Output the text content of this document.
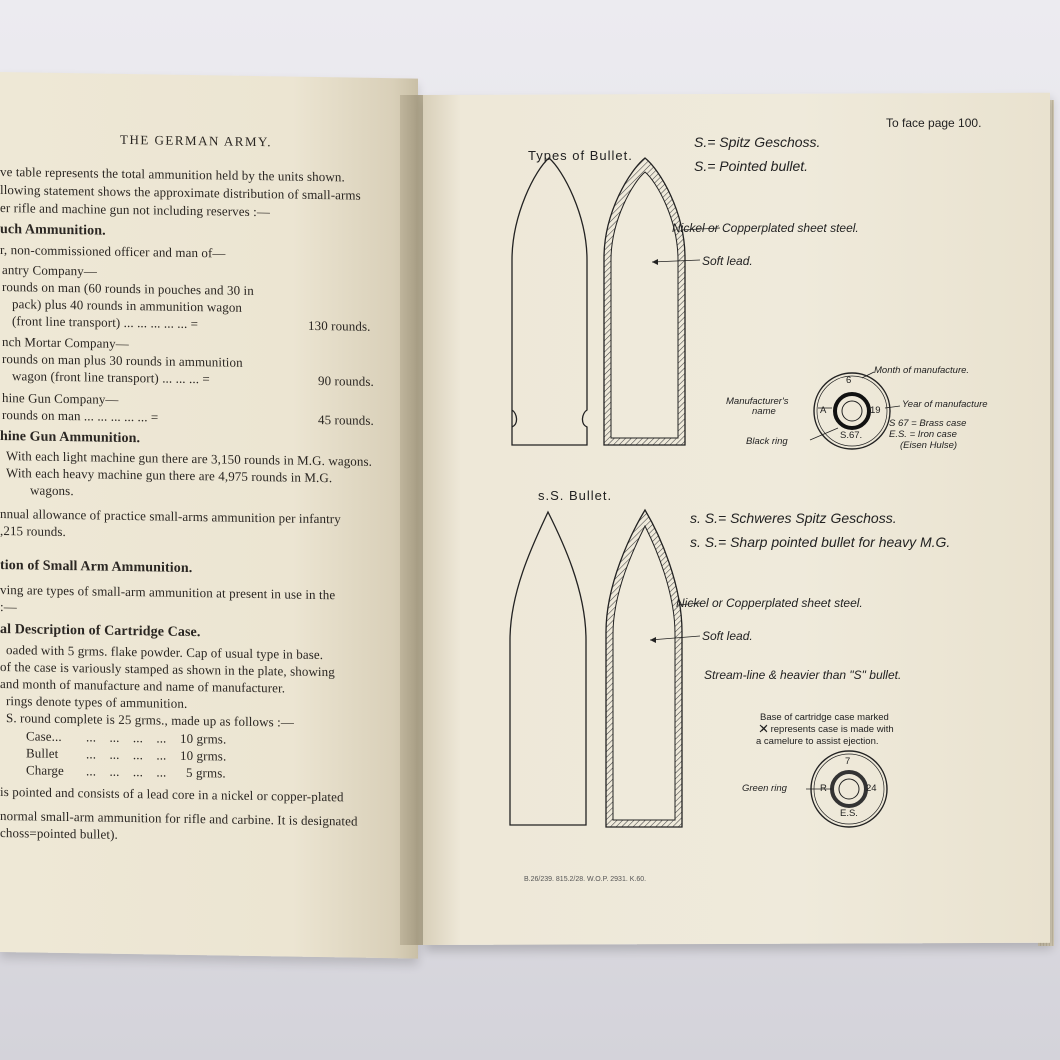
THE GERMAN ARMY.
ve table represents the total ammunition held by the units shown.
llowing statement shows the approximate distribution of small-arms
er rifle and machine gun not including reserves :—
uch Ammunition.
r, non-commissioned officer and man of—
antry Company—
rounds on man (60 rounds in pouches and 30 in
pack) plus 40 rounds in ammunition wagon
(front line transport) ... ... ... ... ... =	130 rounds.
nch Mortar Company—
rounds on man plus 30 rounds in ammunition
wagon (front line transport) ... ... ... =	90 rounds.
hine Gun Company—
rounds on man ... ... ... ... ... =	45 rounds.
hine Gun Ammunition.
With each light machine gun there are 3,150 rounds in M.G. wagons.
With each heavy machine gun there are 4,975 rounds in M.G.
wagons.
nnual allowance of practice small-arms ammunition per infantry
,215 rounds.
tion of Small Arm Ammunition.
ving are types of small-arm ammunition at present in use in the
:—
al Description of Cartridge Case.
oaded with 5 grms. flake powder. Cap of usual type in base.
of the case is variously stamped as shown in the plate, showing
and month of manufacture and name of manufacturer.
rings denote types of ammunition.
S. round complete is 25 grms., made up as follows :—
Case... ...    ...    ...    ... 10 grms.
Bullet ...    ...    ...    ... 10 grms.
Charge ...    ...    ...    ... 5 grms.
is pointed and consists of a lead core in a nickel or copper-plated
normal small-arm ammunition for rifle and carbine. It is designated
choss=pointed bullet).
To face page 100.
Types of Bullet.
S.= Spitz Geschoss.
S.= Pointed bullet.
Nickel or Copperplated sheet steel.
Soft lead.
Month of manufacture.
Manufacturer's
name
Year of manufacture
S 67 = Brass case
E.S. = Iron case
(Eisen Hulse)
Black ring
6
19
A
S.67.
s.S. Bullet.
s. S.= Schweres Spitz Geschoss.
s. S.= Sharp pointed bullet for heavy M.G.
Nickel or Copperplated sheet steel.
Soft lead.
Stream-line & heavier than "S" bullet.
Base of cartridge case marked
✕ represents case is made with
a camelure to assist ejection.
Green ring
7
R	24
E.S.
B.26/239. 815.2/28. W.O.P. 2931. K.60.
